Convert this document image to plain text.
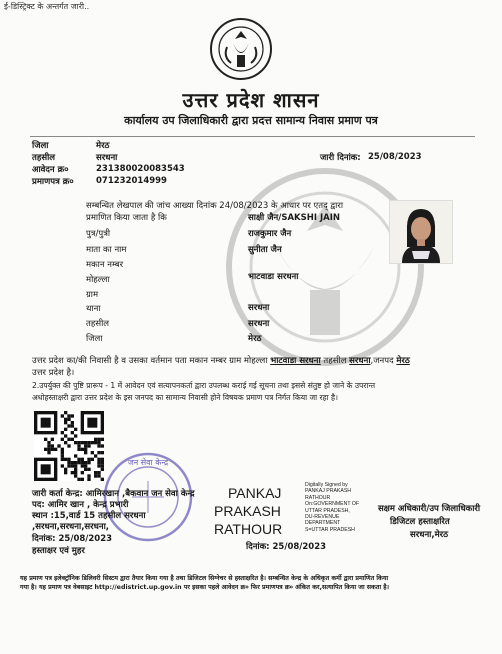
ई-डिस्ट्रिक्ट के अन्तर्गत जारी..
उत्तर प्रदेश शासन
कार्यालय उप जिलाधिकारी द्वारा प्रदत्त सामान्य निवास प्रमाण पत्र
जिला	मेरठ
तहसील	सरधना
आवेदन क्र०	231380020083543
प्रमाणपत्र क्र०	071232014999
जारी दिनांक: 25/08/2023
सम्बन्धित लेखपाल की जांच आख्या दिनांक 24/08/2023 के आधार पर एतद् द्वारा
प्रमाणित किया जाता है कि	साक्षी जैन/SAKSHI JAIN
पुत्र/पुत्री	राजकुमार जैन
माता का नाम	सुनीता जैन
मकान नम्बर
मोहल्ला	भाटवाडा सरधना
ग्राम
थाना	सरधना
तहसील	सरधना
जिला	मेरठ
उत्तर प्रदेश का/की निवासी है व उसका वर्तमान पता मकान नम्बर ग्राम मोहल्ला भाटवाडा सरधना तहसील सरधना,जनपद मेरठ
उत्तर प्रदेश है।
2.उपर्युक्त की पुष्टि प्रारूप - 1 में आवेदन एवं सत्यापनकर्ता द्वारा उपलब्ध कराई गई सूचना तथा इससे संतुष्ट हो जाने के उपरान्त
अधोहस्ताक्षरी द्वारा उत्तर प्रदेश के इस जनपद का सामान्य निवासी होने विषयक प्रमाण पत्र निर्गत किया जा रहा है।
जन सेवा केन्द्र
जारी कर्ता केन्द्र: आमिरखान ,बैकवान जन सेवा केन्द्र
पद: आमिर खान , केन्द्र प्रभारी
स्थान :15,वार्ड 15 तहसील सरधना
,सरधना,सरधना,सरधना,
दिनांक: 25/08/2023
हस्ताक्षर एवं मुहर
PANKAJ
PRAKASH
RATHOUR
Digitally Signed by
PANKAJ PRAKASH
RATHOUR
On:GOVERNMENT OF
UTTAR PRADESH,
DU-REVENUE
DEPARTMENT
S=UTTAR PRADESH
दिनांक: 25/08/2023
सक्षम अधिकारी/उप जिलाधिकारी
डिजिटल हस्ताक्षरित
सरधना,मेरठ
यह प्रमाण पत्र इलेक्ट्रॉनिक डिलिवरी सिस्टम द्वारा तैयार किया गया है तथा डिजिटल सिग्नेचर से हस्ताक्षरित है। सम्बन्धित केन्द्र के अधिकृत कर्मी द्वारा प्रमाणित किया
गया है। यह प्रमाण पत्र वेबसाइट http://edistrict.up.gov.in पर इसका पहले आवेदन क्र० फिर प्रमाणपत्र क्र० अंकित कर,सत्यापित किया जा सकता है।
